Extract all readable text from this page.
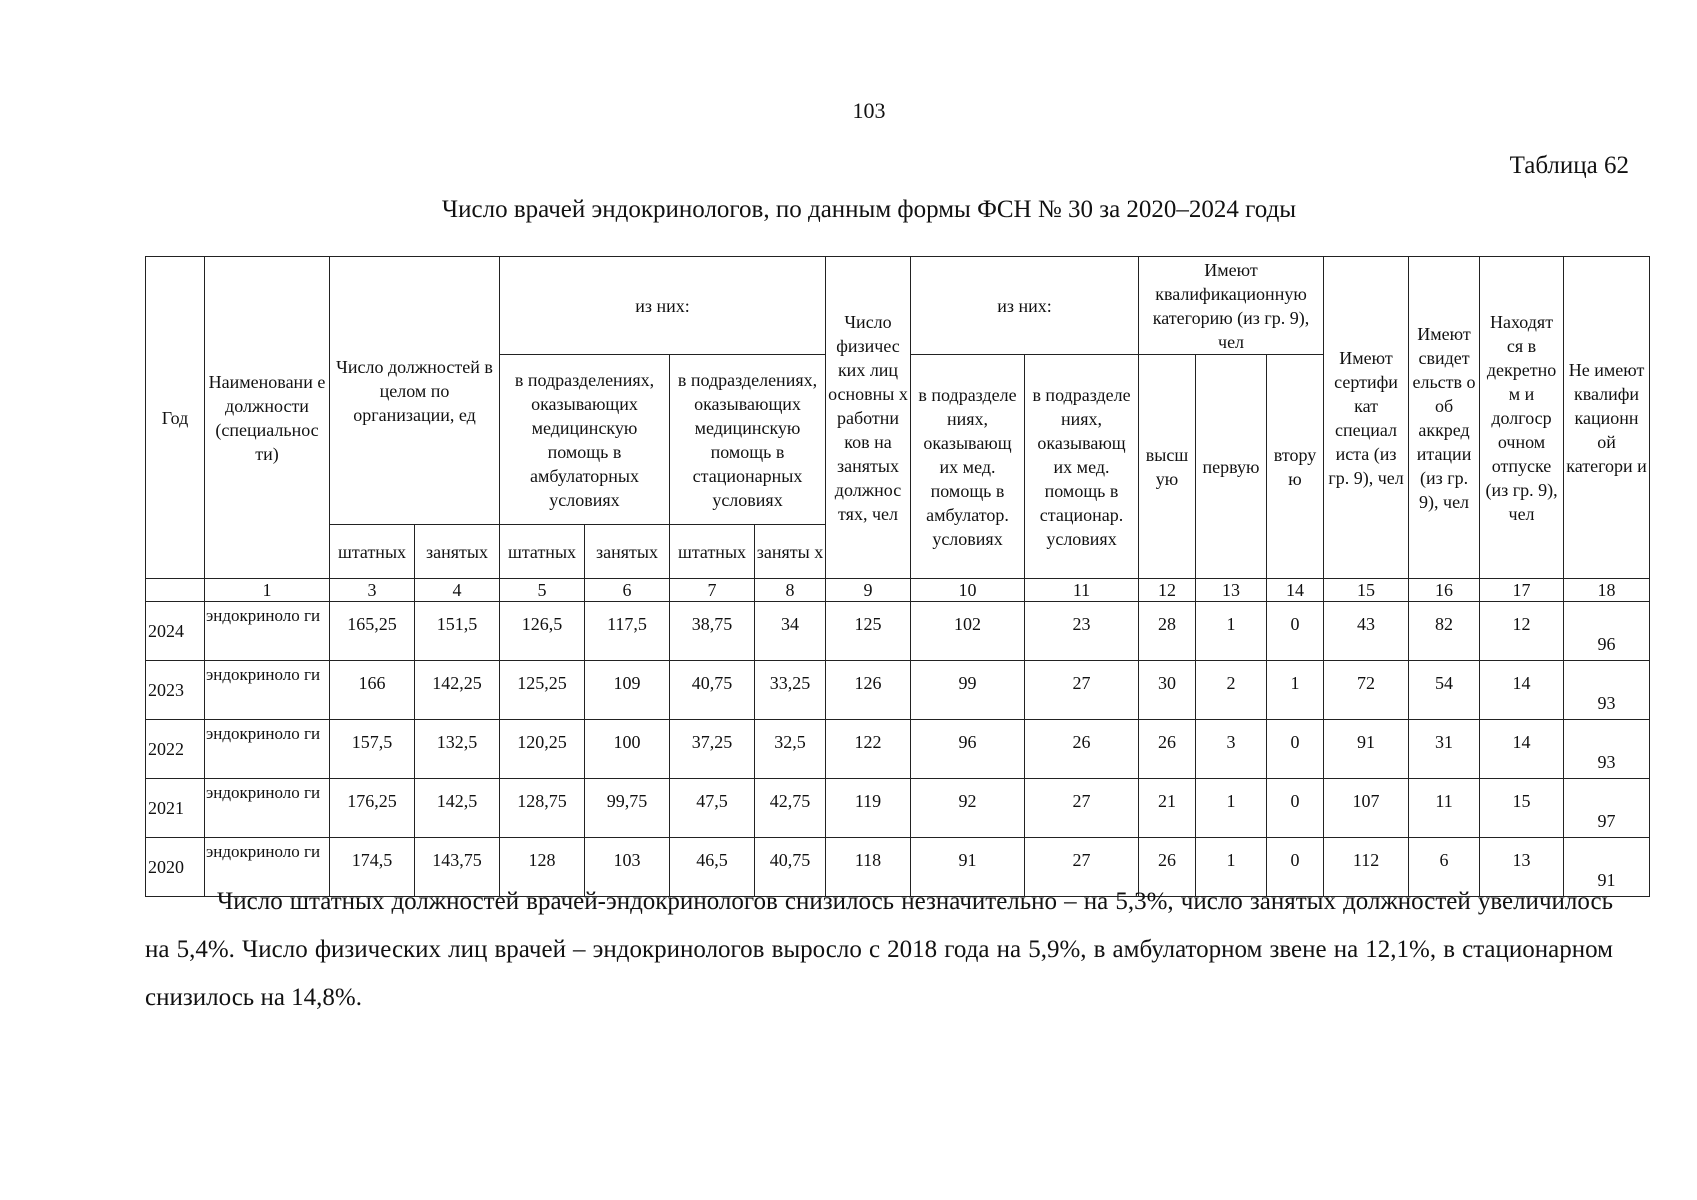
103
Таблица 62
Число врачей эндокринологов, по данным формы ФСН № 30 за 2020–2024 годы
Год	Наименовани е должности (специальнос ти)	Число должностей в целом по организации, ед		из них:				Число физичес ких лиц основны х работни ков на занятых должнос тях, чел	из них:		Имеют квалификационную категорию (из гр. 9), чел			Имеют сертифи кат специал иста (из гр. 9), чел	Имеют свидет ельств о об аккред итации (из гр. 9), чел	Находят ся в декретно м и долгоср очном отпуске (из гр. 9), чел	Не имеют квалифи кационн ой категори и
				в подразделениях, оказывающих медицинскую помощь в амбулаторных условиях		в подразделениях, оказывающих медицинскую помощь в стационарных условиях			в подразделе ниях, оказывающ их мед. помощь в амбулатор. условиях	в подразделе ниях, оказывающ их мед. помощь в стационар. условиях	высш ую	первую	втору ю				
		штатных	занятых	штатных	занятых	штатных	заняты х										
	1	3	4	5	6	7	8	9	10	11	12	13	14	15	16	17	18
2024	эндокриноло ги	165,25	151,5	126,5	117,5	38,75	34	125	102	23	28	1	0	43	82	12	96
2023	эндокриноло ги	166	142,25	125,25	109	40,75	33,25	126	99	27	30	2	1	72	54	14	93
2022	эндокриноло ги	157,5	132,5	120,25	100	37,25	32,5	122	96	26	26	3	0	91	31	14	93
2021	эндокриноло ги	176,25	142,5	128,75	99,75	47,5	42,75	119	92	27	21	1	0	107	11	15	97
2020	эндокриноло ги	174,5	143,75	128	103	46,5	40,75	118	91	27	26	1	0	112	6	13	91

Число штатных должностей врачей-эндокринологов снизилось незначительно – на 5,3%, число занятых должностей увеличилось на 5,4%. Число физических лиц врачей – эндокринологов выросло с 2018 года на 5,9%, в амбулаторном звене на 12,1%, в стационарном снизилось на 14,8%.
